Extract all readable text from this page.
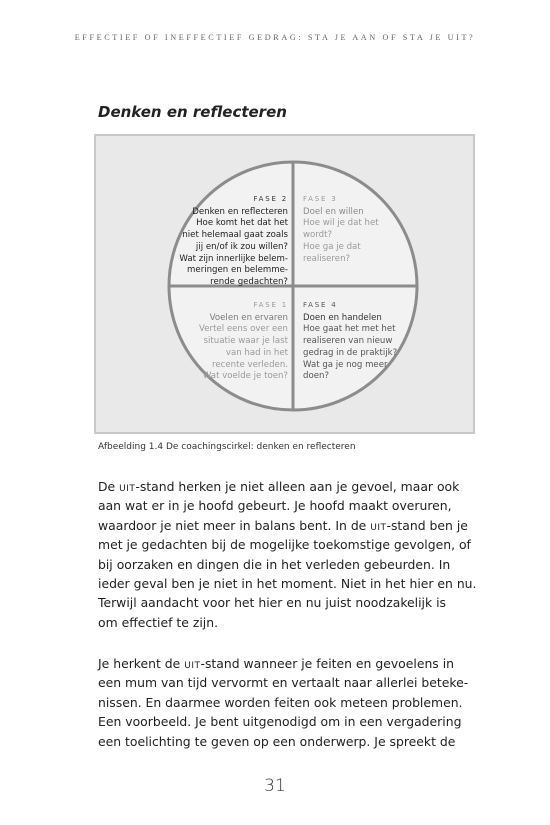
EFFECTIEF OF INEFFECTIEF GEDRAG: STA JE AAN OF STA JE UIT?
Denken en reflecteren
FASE 2
Denken en reflecteren
Hoe komt het dat het
niet helemaal gaat zoals
jij en/of ik zou willen?
Wat zijn innerlijke belem-
meringen en belemme-
rende gedachten?
FASE 3
Doel en willen
Hoe wil je dat het
wordt?
Hoe ga je dat
realiseren?
FASE 1
Voelen en ervaren
Vertel eens over een
situatie waar je last
van had in het
recente verleden.
Wat voelde je toen?
FASE 4
Doen en handelen
Hoe gaat het met het
realiseren van nieuw
gedrag in de praktijk?
Wat ga je nog meer
doen?
Afbeelding 1.4 De coachingscirkel: denken en reflecteren
De uit-stand herken je niet alleen aan je gevoel, maar ook
aan wat er in je hoofd gebeurt. Je hoofd maakt overuren,
waardoor je niet meer in balans bent. In de uit-stand ben je
met je gedachten bij de mogelijke toekomstige gevolgen, of
bij oorzaken en dingen die in het verleden gebeurden. In
ieder geval ben je niet in het moment. Niet in het hier en nu.
Terwijl aandacht voor het hier en nu juist noodzakelijk is
om effectief te zijn.
Je herkent de uit-stand wanneer je feiten en gevoelens in
een mum van tijd vervormt en vertaalt naar allerlei beteke-
nissen. En daarmee worden feiten ook meteen problemen.
Een voorbeeld. Je bent uitgenodigd om in een vergadering
een toelichting te geven op een onderwerp. Je spreekt de
31
